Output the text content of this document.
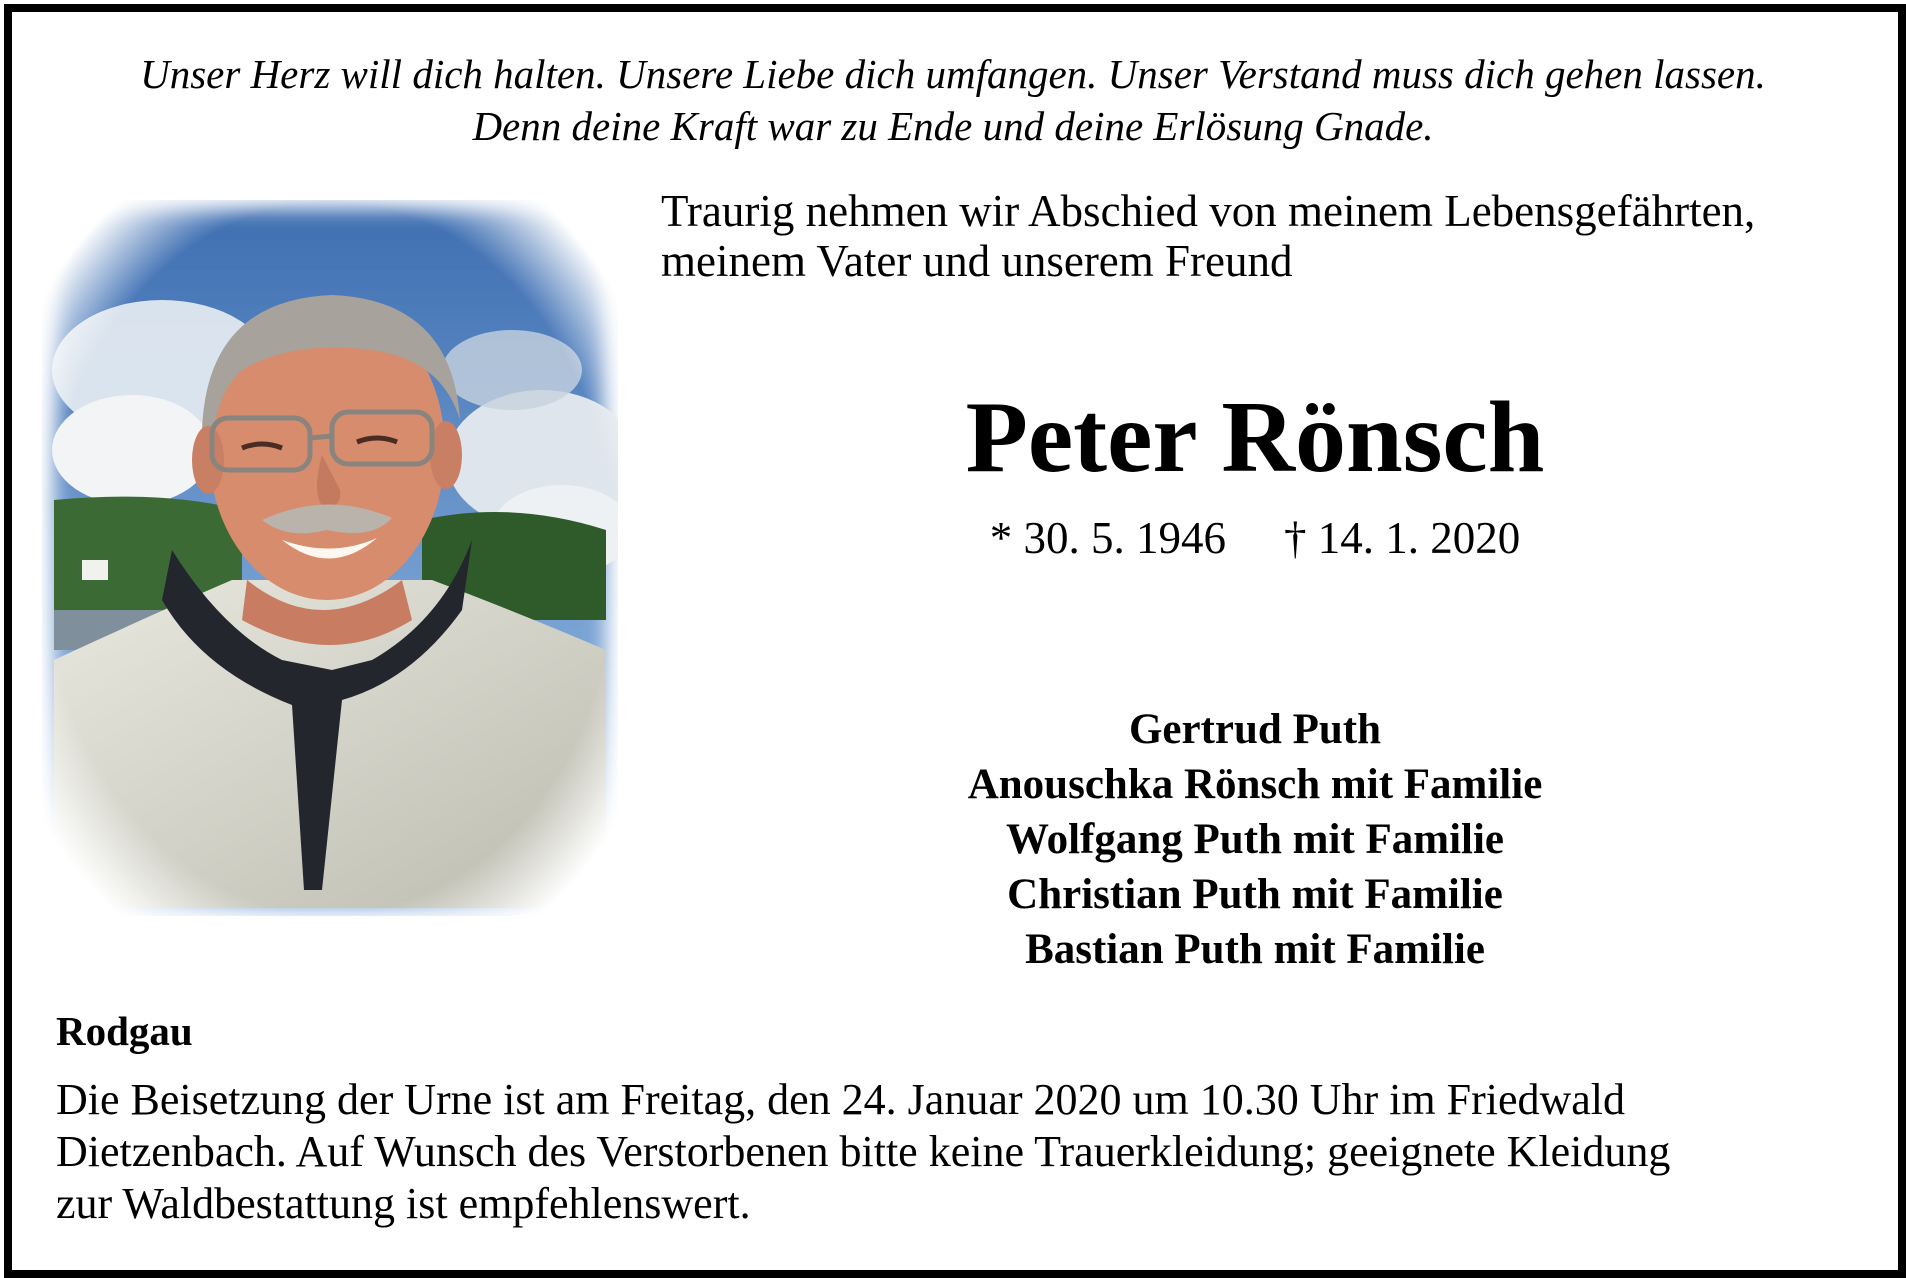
Unser Herz will dich halten. Unsere Liebe dich umfangen. Unser Verstand muss dich gehen lassen.
Denn deine Kraft war zu Ende und deine Erlösung Gnade.
Traurig nehmen wir Abschied von meinem Lebensgefährten,
meinem Vater und unserem Freund
Peter Rönsch
* 30. 5. 1946 † 14. 1. 2020
Gertrud Puth
Anouschka Rönsch mit Familie
Wolfgang Puth mit Familie
Christian Puth mit Familie
Bastian Puth mit Familie
Rodgau
Die Beisetzung der Urne ist am Freitag, den 24. Januar 2020 um 10.30 Uhr im Friedwald
Dietzenbach. Auf Wunsch des Verstorbenen bitte keine Trauerkleidung; geeignete Kleidung
zur Waldbestattung ist empfehlenswert.
